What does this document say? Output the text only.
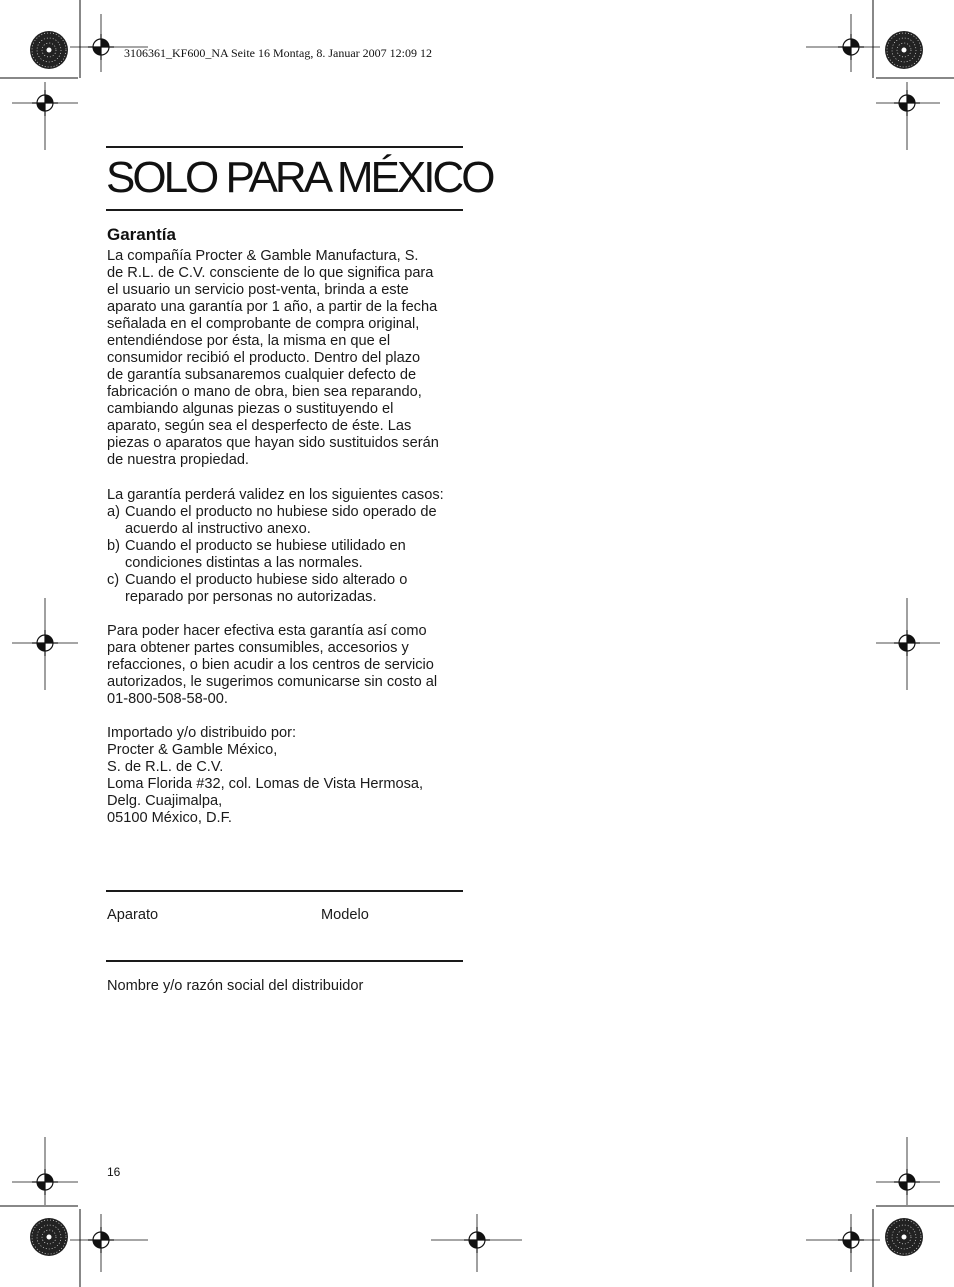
3106361_KF600_NA Seite 16 Montag, 8. Januar 2007 12:09 12
SOLO PARA MÉXICO
Garantía

La compañía Procter & Gamble Manufactura, S.

de R.L. de C.V. consciente de lo que significa para

el usuario un servicio post-venta, brinda a este

aparato una garantía por 1 año, a partir de la fecha

señalada en el comprobante de compra original,

entendiéndose por ésta, la misma en que el

consumidor recibió el producto. Dentro del plazo

de garantía subsanaremos cualquier defecto de

fabricación o mano de obra, bien sea reparando,

cambiando algunas piezas o sustituyendo el

aparato, según sea el desperfecto de éste. Las

piezas o aparatos que hayan sido sustituidos serán

de nuestra propiedad.

La garantía perderá validez en los siguientes casos:

a) Cuando el producto no hubiese sido operado de
acuerdo al instructivo anexo.
b) Cuando el producto se hubiese utilidado en
condiciones distintas a las normales.
c) Cuando el producto hubiese sido alterado o
reparado por personas no autorizadas.

Para poder hacer efectiva esta garantía así como

para obtener partes consumibles, accesorios y

refacciones, o bien acudir a los centros de servicio

autorizados, le sugerimos comunicarse sin costo al

01-800-508-58-00.

Importado y/o distribuido por:

Procter & Gamble México,

S. de R.L. de C.V.

Loma Florida #32, col. Lomas de Vista Hermosa,

Delg. Cuajimalpa,

05100 México, D.F.

Aparato	Modelo
Nombre y/o razón social del distribuidor
16
